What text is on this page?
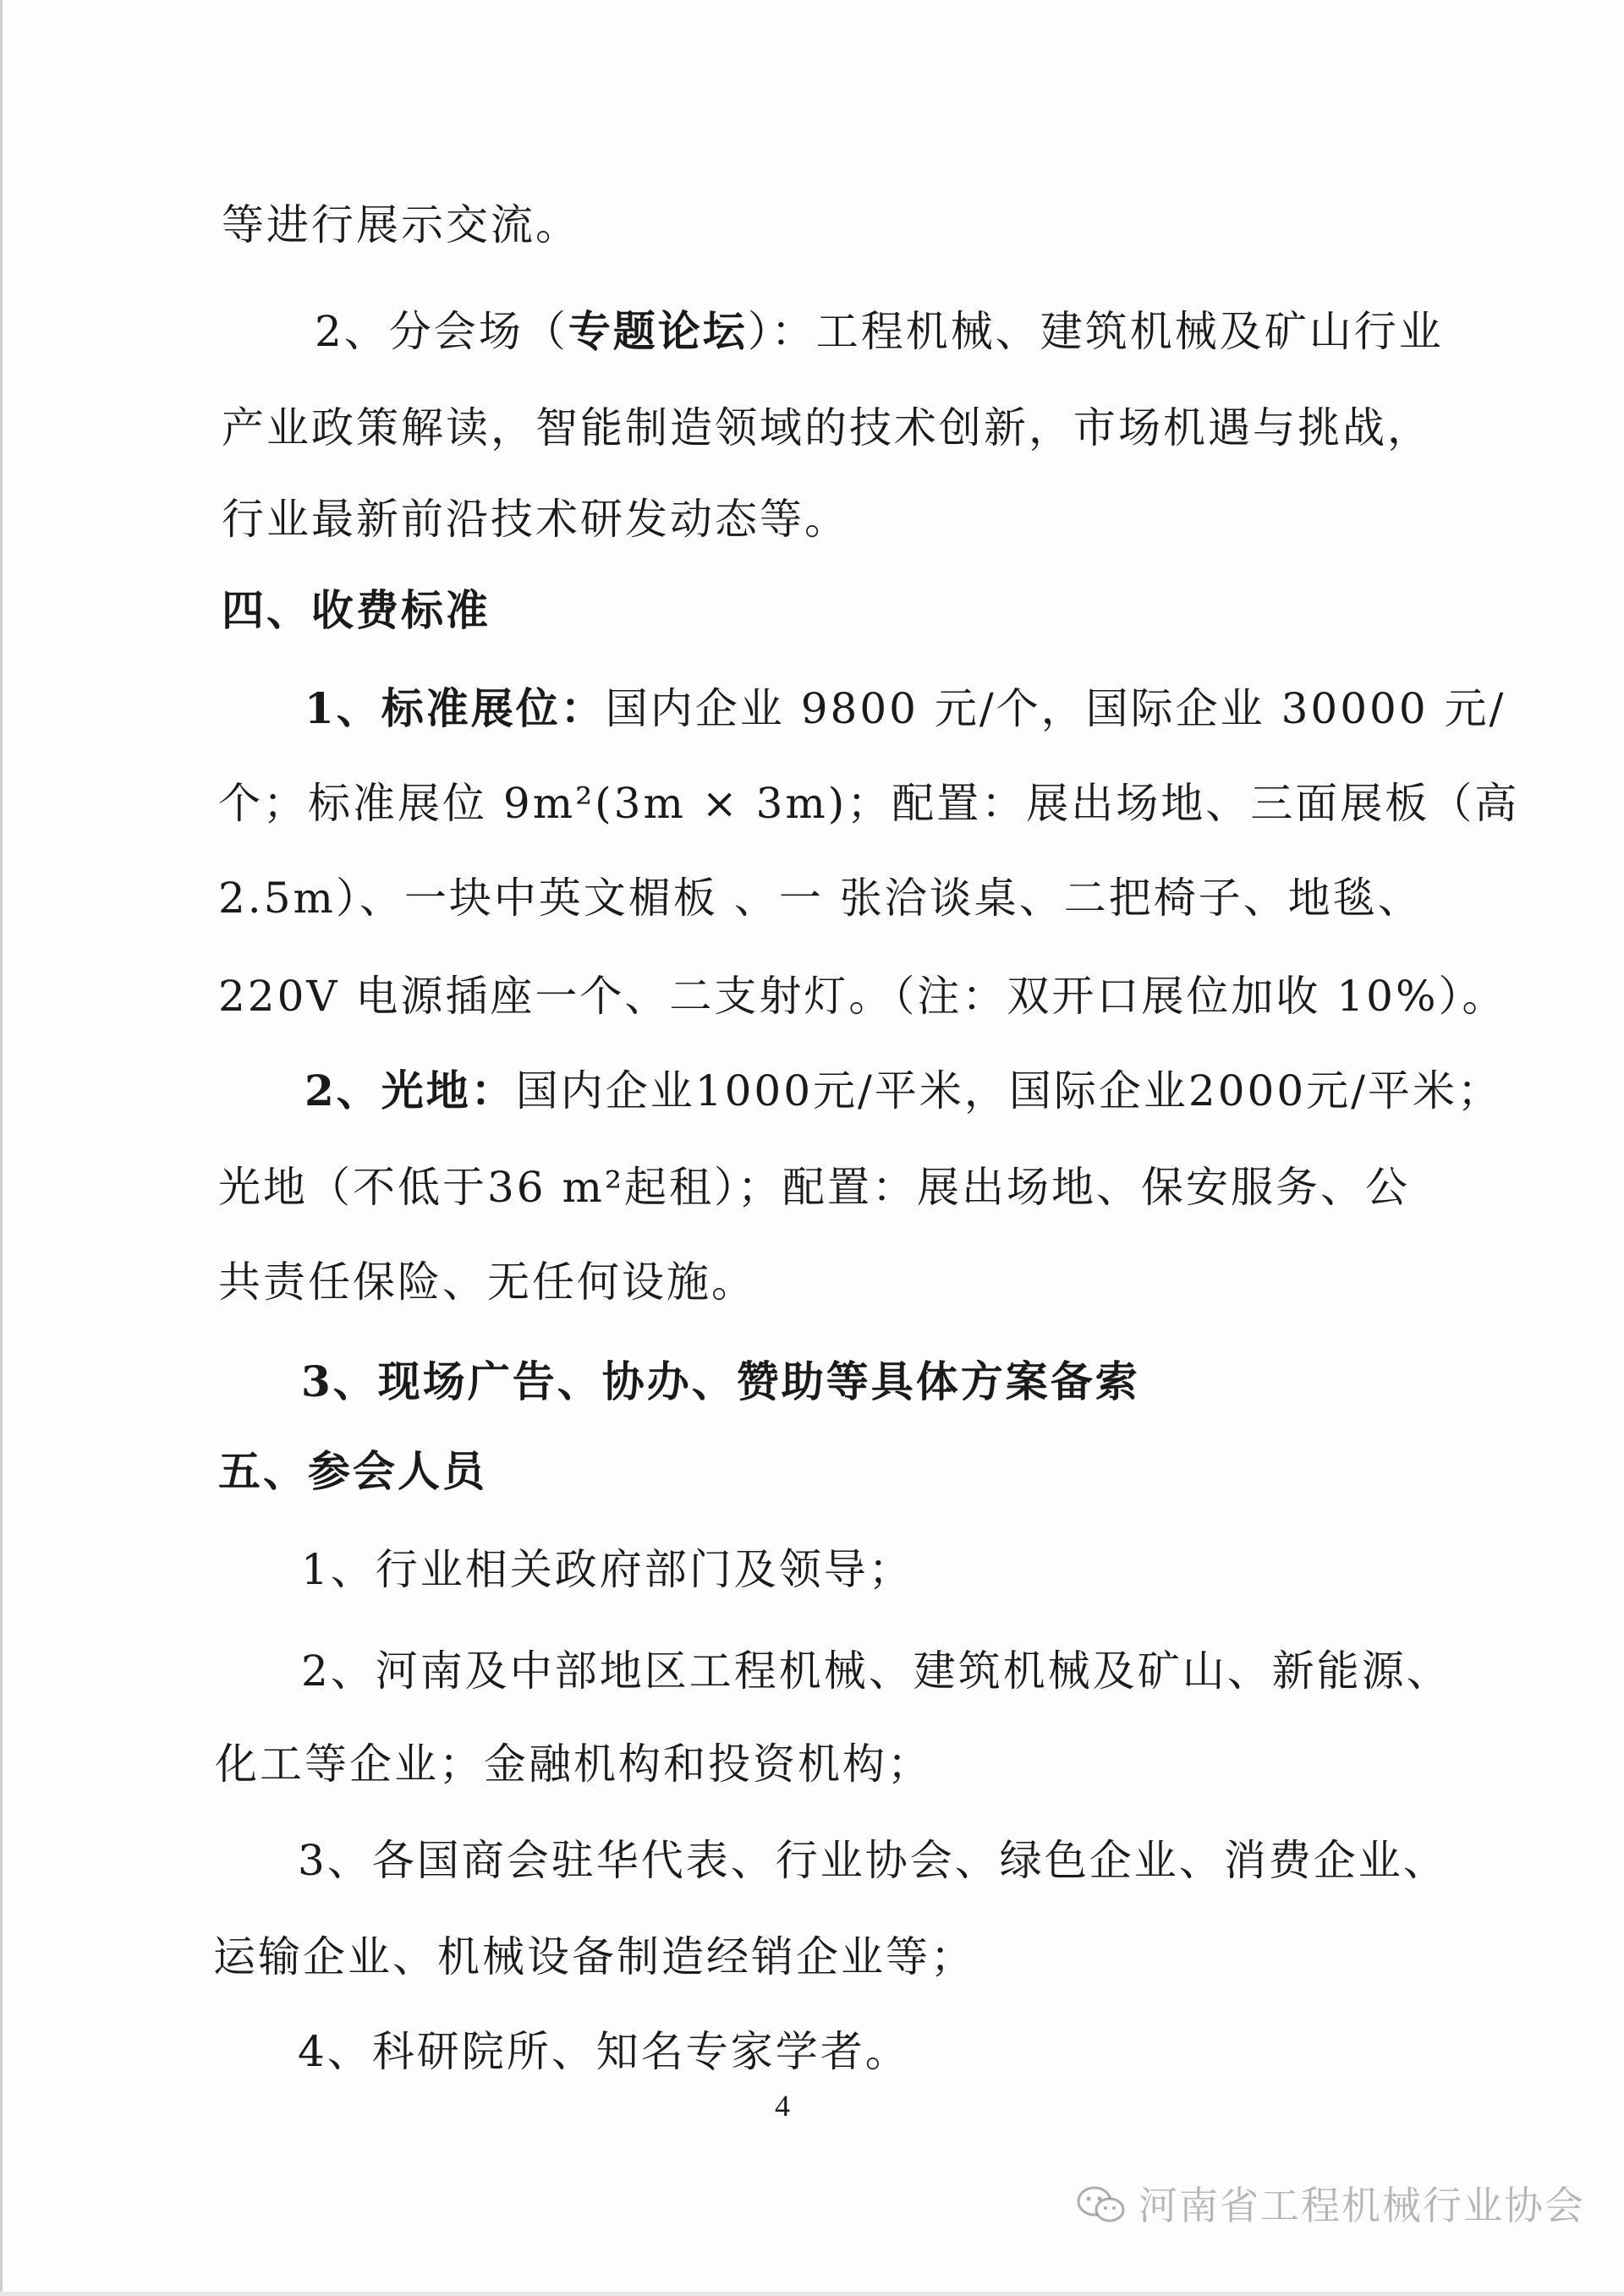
等进行展示交流。
2、分会场（专题论坛）：工程机械、建筑机械及矿山行业
产业政策解读，智能制造领域的技术创新，市场机遇与挑战，
行业最新前沿技术研发动态等。
四、收费标准
1、标准展位：国内企业 9800 元/个，国际企业 30000 元/
个；标准展位 9m²(3m × 3m)；配置：展出场地、三面展板（高
2.5m）、一块中英文楣板 、一 张洽谈桌、二把椅子、地毯、
220V 电源插座一个、二支射灯。（注：双开口展位加收 10%）。
2、光地：国内企业1000元/平米，国际企业2000元/平米；
光地（不低于36 m²起租）；配置：展出场地、保安服务、公
共责任保险、无任何设施。
3、现场广告、协办、赞助等具体方案备索
五、参会人员
1、行业相关政府部门及领导；
2、河南及中部地区工程机械、建筑机械及矿山、新能源、
化工等企业；金融机构和投资机构；
3、各国商会驻华代表、行业协会、绿色企业、消费企业、
运输企业、机械设备制造经销企业等；
4、科研院所、知名专家学者。
4
河南省工程机械行业协会
